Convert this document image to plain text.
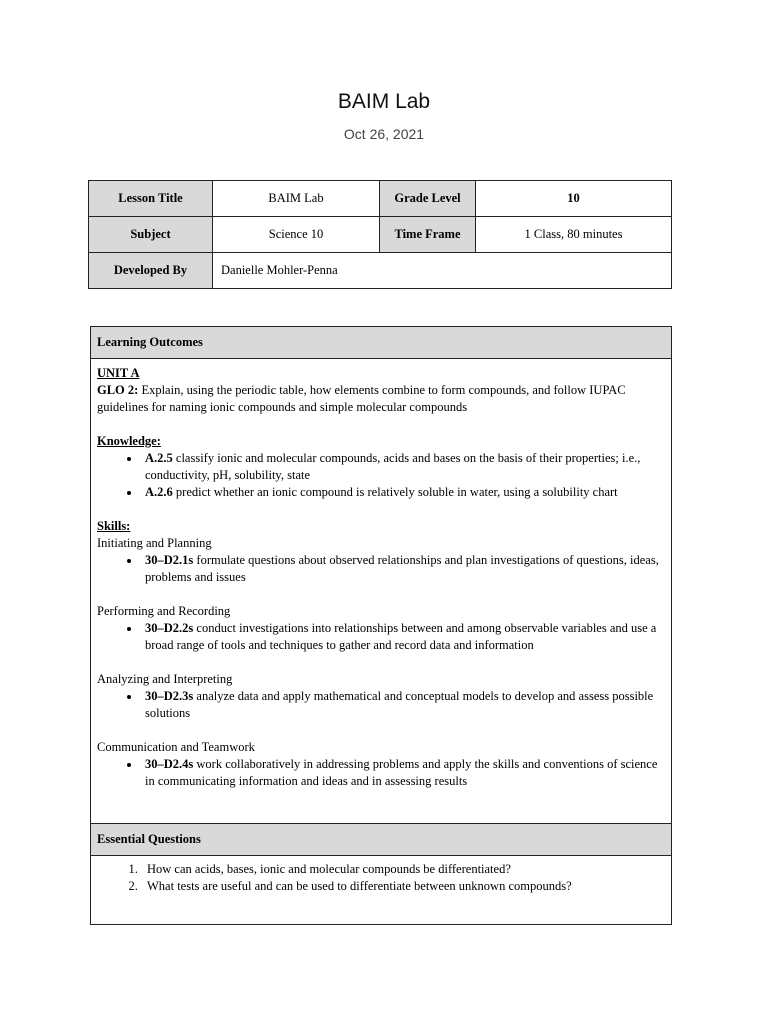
BAIM Lab
Oct 26, 2021
Lesson Title	BAIM Lab	Grade Level	10
Subject	Science 10	Time Frame	1 Class, 80 minutes
Developed By	Danielle Mohler-Penna		
Learning Outcomes

UNIT A
GLO 2: Explain, using the periodic table, how elements combine to form compounds, and follow IUPAC guidelines for naming ionic compounds and simple molecular compounds
Knowledge:
• A.2.5 classify ionic and molecular compounds, acids and bases on the basis of their properties; i.e., conductivity, pH, solubility, state
• A.2.6 predict whether an ionic compound is relatively soluble in water, using a solubility chart
Skills:
Initiating and Planning
• 30–D2.1s formulate questions about observed relationships and plan investigations of questions, ideas, problems and issues
Performing and Recording
• 30–D2.2s conduct investigations into relationships between and among observable variables and use a broad range of tools and techniques to gather and record data and information
Analyzing and Interpreting
• 30–D2.3s analyze data and apply mathematical and conceptual models to develop and assess possible solutions
Communication and Teamwork
• 30–D2.4s work collaboratively in addressing problems and apply the skills and conventions of science in communicating information and ideas and in assessing results

Essential Questions

1. How can acids, bases, ionic and molecular compounds be differentiated?
2. What tests are useful and can be used to differentiate between unknown compounds?
